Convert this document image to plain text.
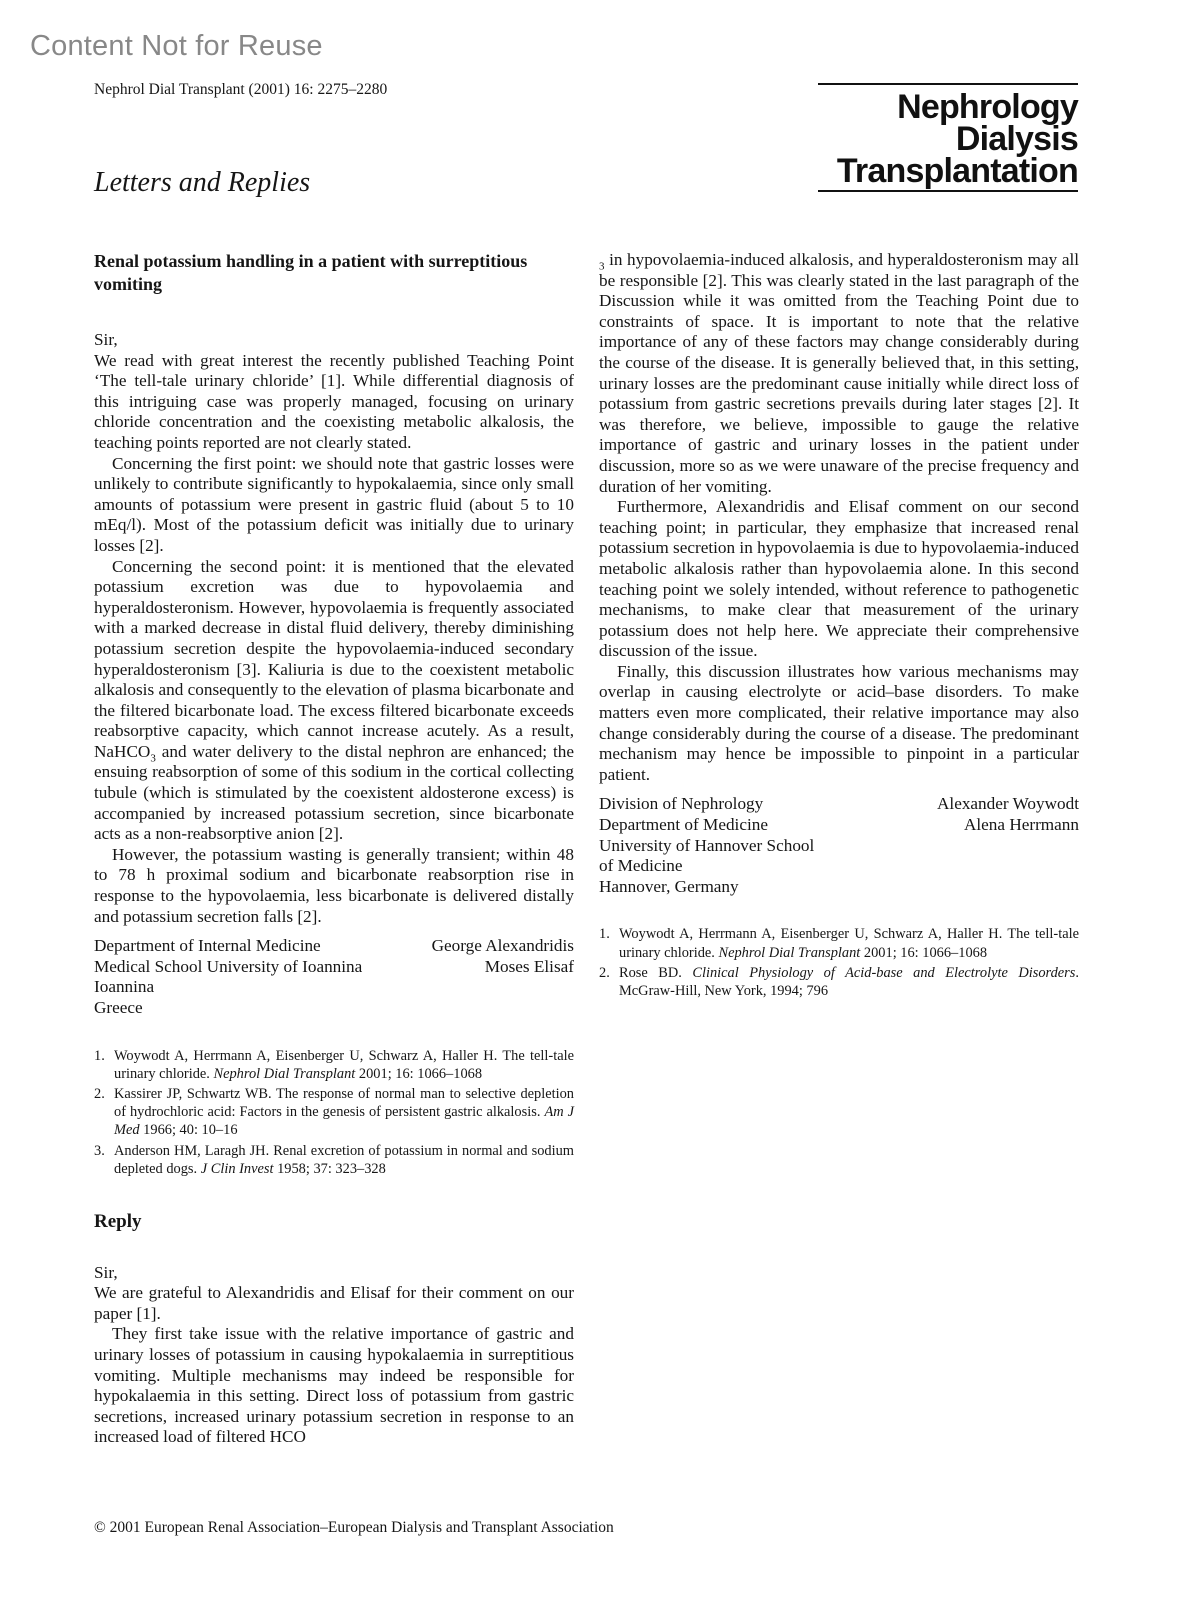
Content Not for Reuse
Nephrol Dial Transplant (2001) 16: 2275–2280	Nephrology
Dialysis
Transplantation
Letters and Replies
Renal potassium handling in a patient with surreptitious vomiting

Sir,

We read with great interest the recently published Teaching Point ‘The tell-tale urinary chloride’ [1]. While differential diagnosis of this intriguing case was properly managed, focusing on urinary chloride concentration and the coexisting metabolic alkalosis, the teaching points reported are not clearly stated.

Concerning the first point: we should note that gastric losses were unlikely to contribute significantly to hypokalaemia, since only small amounts of potassium were present in gastric fluid (about 5 to 10 mEq/l). Most of the potassium deficit was initially due to urinary losses [2].

Concerning the second point: it is mentioned that the elevated potassium excretion was due to hypovolaemia and hyperaldosteronism. However, hypovolaemia is frequently associated with a marked decrease in distal fluid delivery, thereby diminishing potassium secretion despite the hypovolaemia-induced secondary hyperaldosteronism [3]. Kaliuria is due to the coexistent metabolic alkalosis and consequently to the elevation of plasma bicarbonate and the filtered bicarbonate load. The excess filtered bicarbonate exceeds reabsorptive capacity, which cannot increase acutely. As a result, NaHCO$_3$ and water delivery to the distal nephron are enhanced; the ensuing reabsorption of some of this sodium in the cortical collecting tubule (which is stimulated by the coexistent aldosterone excess) is accompanied by increased potassium secretion, since bicarbonate acts as a non-reabsorptive anion [2].

However, the potassium wasting is generally transient; within 48 to 78 h proximal sodium and bicarbonate reabsorption rise in response to the hypovolaemia, less bicarbonate is delivered distally and potassium secretion falls [2].

Department of Internal Medicine
Medical School University of Ioannina
Ioannina
Greece
George Alexandridis
Moses Elisaf
1. Woywodt A, Herrmann A, Eisenberger U, Schwarz A, Haller H. The tell-tale urinary chloride. Nephrol Dial Transplant 2001; 16: 1066–1068
2. Kassirer JP, Schwartz WB. The response of normal man to selective depletion of hydrochloric acid: Factors in the genesis of persistent gastric alkalosis. Am J Med 1966; 40: 10–16
3. Anderson HM, Laragh JH. Renal excretion of potassium in normal and sodium depleted dogs. J Clin Invest 1958; 37: 323–328
Reply

Sir,

We are grateful to Alexandridis and Elisaf for their comment on our paper [1].

They first take issue with the relative importance of gastric and urinary losses of potassium in causing hypokalaemia in surreptitious vomiting. Multiple mechanisms may indeed be responsible for hypokalaemia in this setting. Direct loss of potassium from gastric secretions, increased urinary potassium secretion in response to an increased load of filtered HCO

$_3$ in hypovolaemia-induced alkalosis, and hyperaldosteronism may all be responsible [2]. This was clearly stated in the last paragraph of the Discussion while it was omitted from the Teaching Point due to constraints of space. It is important to note that the relative importance of any of these factors may change considerably during the course of the disease. It is generally believed that, in this setting, urinary losses are the predominant cause initially while direct loss of potassium from gastric secretions prevails during later stages [2]. It was therefore, we believe, impossible to gauge the relative importance of gastric and urinary losses in the patient under discussion, more so as we were unaware of the precise frequency and duration of her vomiting.

Furthermore, Alexandridis and Elisaf comment on our second teaching point; in particular, they emphasize that increased renal potassium secretion in hypovolaemia is due to hypovolaemia-induced metabolic alkalosis rather than hypovolaemia alone. In this second teaching point we solely intended, without reference to pathogenetic mechanisms, to make clear that measurement of the urinary potassium does not help here. We appreciate their comprehensive discussion of the issue.

Finally, this discussion illustrates how various mechanisms may overlap in causing electrolyte or acid–base disorders. To make matters even more complicated, their relative importance may also change considerably during the course of a disease. The predominant mechanism may hence be impossible to pinpoint in a particular patient.

Division of Nephrology
Department of Medicine
University of Hannover School
of Medicine
Hannover, Germany
Alexander Woywodt
Alena Herrmann
1. Woywodt A, Herrmann A, Eisenberger U, Schwarz A, Haller H. The tell-tale urinary chloride. Nephrol Dial Transplant 2001; 16: 1066–1068
2. Rose BD. Clinical Physiology of Acid-base and Electrolyte Disorders. McGraw-Hill, New York, 1994; 796
© 2001 European Renal Association–European Dialysis and Transplant Association
